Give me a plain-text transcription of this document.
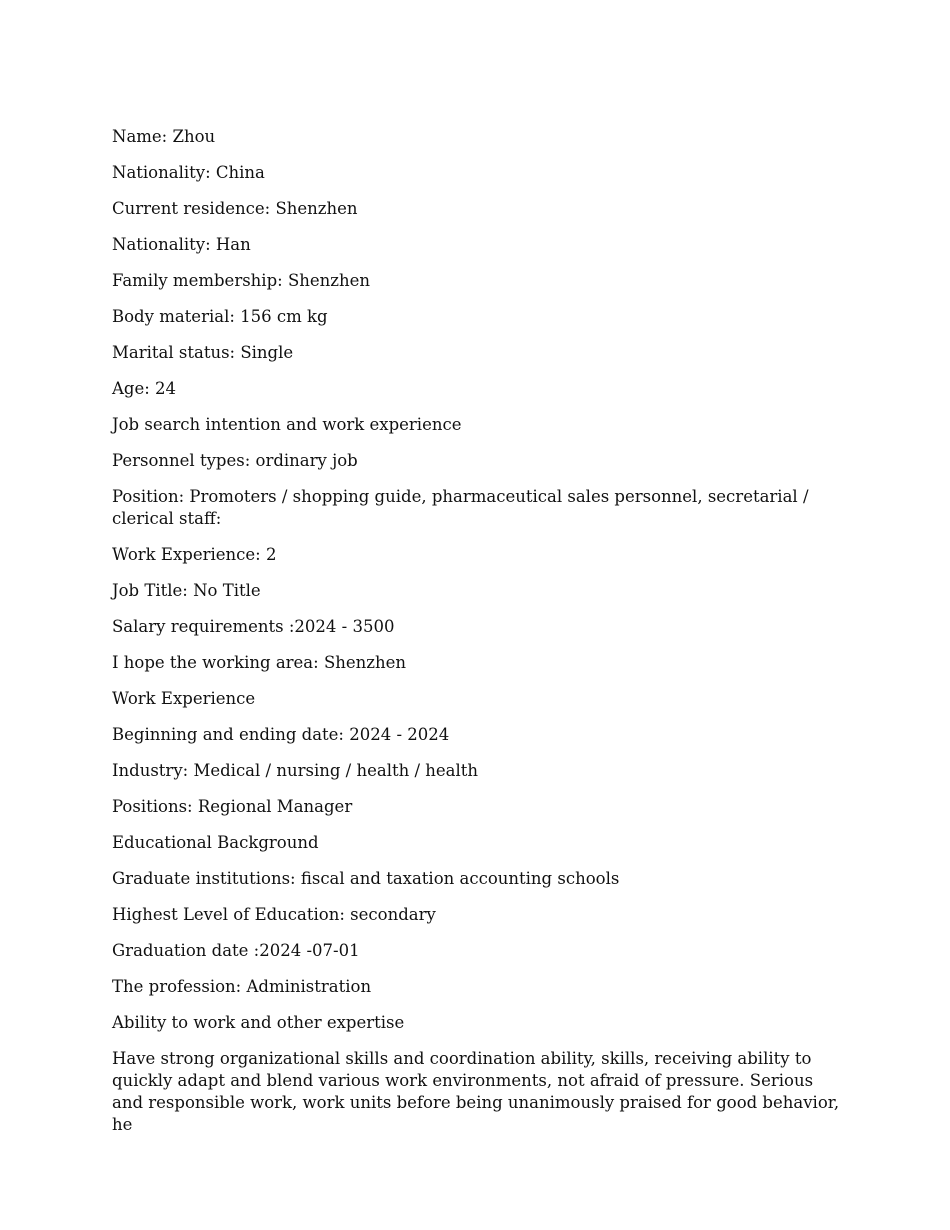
Name: Zhou

Nationality: China

Current residence: Shenzhen

Nationality: Han

Family membership: Shenzhen

Body material: 156 cm kg

Marital status: Single

Age: 24

Job search intention and work experience

Personnel types: ordinary job

Position: Promoters / shopping guide, pharmaceutical sales personnel, secretarial / clerical staff:

Work Experience: 2

Job Title: No Title

Salary requirements :2024 - 3500

I hope the working area: Shenzhen

Work Experience

Beginning and ending date: 2024 - 2024

Industry: Medical / nursing / health / health

Positions: Regional Manager

Educational Background

Graduate institutions: fiscal and taxation accounting schools

Highest Level of Education: secondary

Graduation date :2024 -07-01

The profession: Administration

Ability to work and other expertise

Have strong organizational skills and coordination ability, skills, receiving ability to quickly adapt and blend various work environments, not afraid of pressure. Serious and responsible work, work units before being unanimously praised for good behavior, he
